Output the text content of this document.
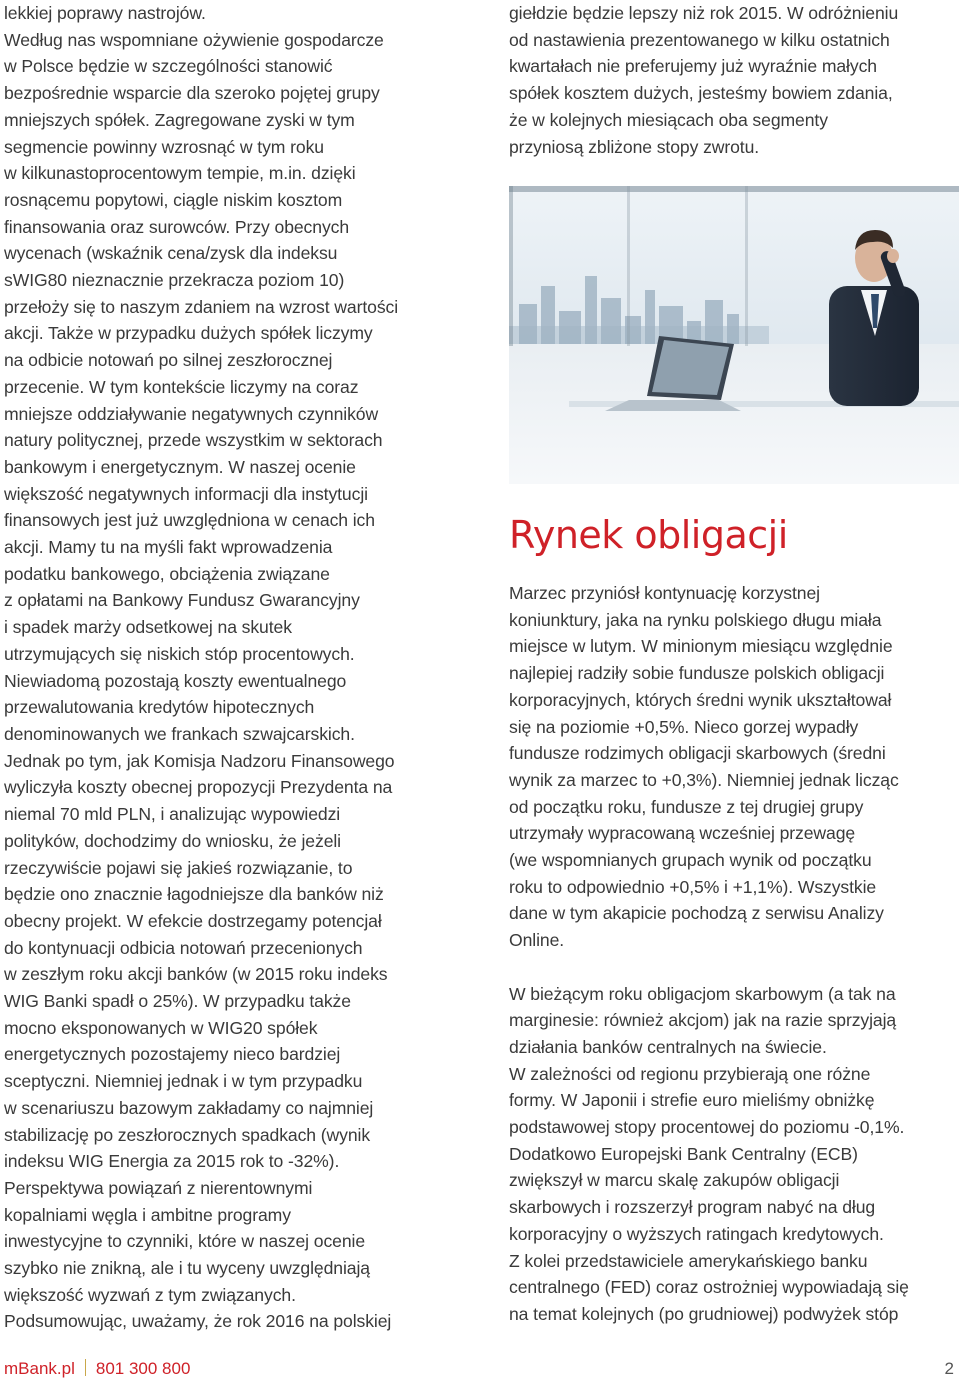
lekkiej poprawy nastrojów.

Według nas wspomniane ożywienie gospodarcze

w Polsce będzie w szczególności stanowić

bezpośrednie wsparcie dla szeroko pojętej grupy

mniejszych spółek. Zagregowane zyski w tym

segmencie powinny wzrosnąć w tym roku

w kilkunastoprocentowym tempie, m.in. dzięki

rosnącemu popytowi, ciągle niskim kosztom

finansowania oraz surowców. Przy obecnych

wycenach (wskaźnik cena/zysk dla indeksu

sWIG80 nieznacznie przekracza poziom 10)

przełoży się to naszym zdaniem na wzrost wartości

akcji. Także w przypadku dużych spółek liczymy

na odbicie notowań po silnej zeszłorocznej

przecenie. W tym kontekście liczymy na coraz

mniejsze oddziaływanie negatywnych czynników

natury politycznej, przede wszystkim w sektorach

bankowym i energetycznym. W naszej ocenie

większość negatywnych informacji dla instytucji

finansowych jest już uwzględniona w cenach ich

akcji. Mamy tu na myśli fakt wprowadzenia

podatku bankowego, obciążenia związane

z opłatami na Bankowy Fundusz Gwarancyjny

i spadek marży odsetkowej na skutek

utrzymujących się niskich stóp procentowych.

Niewiadomą pozostają koszty ewentualnego

przewalutowania kredytów hipotecznych

denominowanych we frankach szwajcarskich.

Jednak po tym, jak Komisja Nadzoru Finansowego

wyliczyła koszty obecnej propozycji Prezydenta na

niemal 70 mld PLN, i analizując wypowiedzi

polityków, dochodzimy do wniosku, że jeżeli

rzeczywiście pojawi się jakieś rozwiązanie, to

będzie ono znacznie łagodniejsze dla banków niż

obecny projekt. W efekcie dostrzegamy potencjał

do kontynuacji odbicia notowań przecenionych

w zeszłym roku akcji banków (w 2015 roku indeks

WIG Banki spadł o 25%). W przypadku także

mocno eksponowanych w WIG20 spółek

energetycznych pozostajemy nieco bardziej

sceptyczni. Niemniej jednak i w tym przypadku

w scenariuszu bazowym zakładamy co najmniej

stabilizację po zeszłorocznych spadkach (wynik

indeksu WIG Energia za 2015 rok to -32%).

Perspektywa powiązań z nierentownymi

kopalniami węgla i ambitne programy

inwestycyjne to czynniki, które w naszej ocenie

szybko nie znikną, ale i tu wyceny uwzględniają

większość wyzwań z tym związanych.

Podsumowując, uważamy, że rok 2016 na polskiej

giełdzie będzie lepszy niż rok 2015. W odróżnieniu

od nastawienia prezentowanego w kilku ostatnich

kwartałach nie preferujemy już wyraźnie małych

spółek kosztem dużych, jesteśmy bowiem zdania,

że w kolejnych miesiącach oba segmenty

przyniosą zbliżone stopy zwrotu.

Rynek obligacji

Marzec przyniósł kontynuację korzystnej

koniunktury, jaka na rynku polskiego długu miała

miejsce w lutym. W minionym miesiącu względnie

najlepiej radziły sobie fundusze polskich obligacji

korporacyjnych, których średni wynik ukształtował

się na poziomie +0,5%. Nieco gorzej wypadły

fundusze rodzimych obligacji skarbowych (średni

wynik za marzec to +0,3%). Niemniej jednak licząc

od początku roku, fundusze z tej drugiej grupy

utrzymały wypracowaną wcześniej przewagę

(we wspomnianych grupach wynik od początku

roku to odpowiednio +0,5% i +1,1%). Wszystkie

dane w tym akapicie pochodzą z serwisu Analizy

Online.

W bieżącym roku obligacjom skarbowym (a tak na

marginesie: również akcjom) jak na razie sprzyjają

działania banków centralnych na świecie.

W zależności od regionu przybierają one różne

formy. W Japonii i strefie euro mieliśmy obniżkę

podstawowej stopy procentowej do poziomu -0,1%.

Dodatkowo Europejski Bank Centralny (ECB)

zwiększył w marcu skalę zakupów obligacji

skarbowych i rozszerzył program nabyć na dług

korporacyjny o wyższych ratingach kredytowych.

Z kolei przedstawiciele amerykańskiego banku

centralnego (FED) coraz ostrożniej wypowiadają się

na temat kolejnych (po grudniowej) podwyżek stóp

mBank.pl 801 300 800	2
